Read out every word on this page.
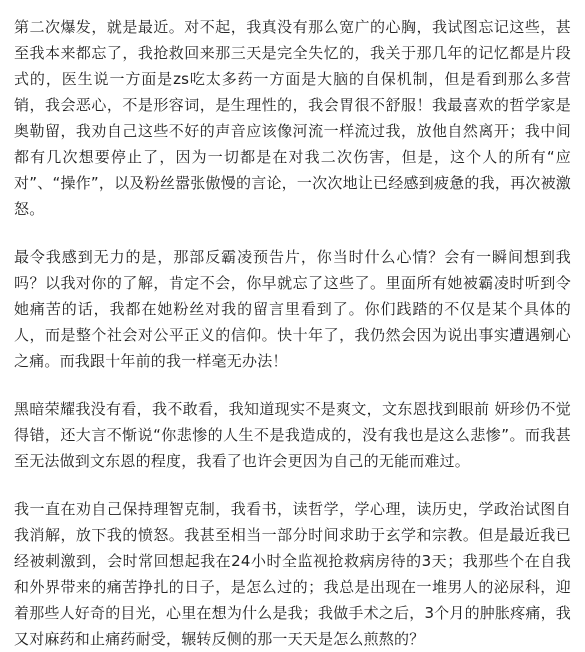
第二次爆发，就是最近。对不起，我真没有那么宽广的心胸，我试图忘记这些，甚至我本来都忘了，我抢救回来那三天是完全失忆的，我关于那几年的记忆都是片段式的，医生说一方面是zs吃太多药一方面是大脑的自保机制，但是看到那么多营销，我会恶心，不是形容词，是生理性的，我会胃很不舒服！我最喜欢的哲学家是奥勒留，我劝自己这些不好的声音应该像河流一样流过我，放他自然离开；我中间都有几次想要停止了，因为一切都是在对我二次伤害，但是，这个人的所有“应对”、“操作”，以及粉丝嚣张傲慢的言论，一次次地让已经感到疲惫的我，再次被激怒。

最令我感到无力的是，那部反霸凌预告片，你当时什么心情？会有一瞬间想到我吗？以我对你的了解，肯定不会，你早就忘了这些了。里面所有她被霸凌时听到令她痛苦的话，我都在她粉丝对我的留言里看到了。你们践踏的不仅是某个具体的人，而是整个社会对公平正义的信仰。快十年了，我仍然会因为说出事实遭遇剜心之痛。而我跟十年前的我一样毫无办法！

黑暗荣耀我没有看，我不敢看，我知道现实不是爽文，文东恩找到眼前 妍珍仍不觉得错，还大言不惭说“你悲惨的人生不是我造成的，没有我也是这么悲惨”。而我甚至无法做到文东恩的程度，我看了也许会更因为自己的无能而难过。

我一直在劝自己保持理智克制，我看书，读哲学，学心理，读历史，学政治试图自我消解，放下我的愤怒。我甚至相当一部分时间求助于玄学和宗教。但是最近我已经被刺激到，会时常回想起我在24小时全监视抢救病房待的3天；我那些个在自我和外界带来的痛苦挣扎的日子，是怎么过的；我总是出现在一堆男人的泌尿科，迎着那些人好奇的目光，心里在想为什么是我；我做手术之后，3个月的肿胀疼痛，我又对麻药和止痛药耐受，辗转反侧的那一天天是怎么煎熬的？
